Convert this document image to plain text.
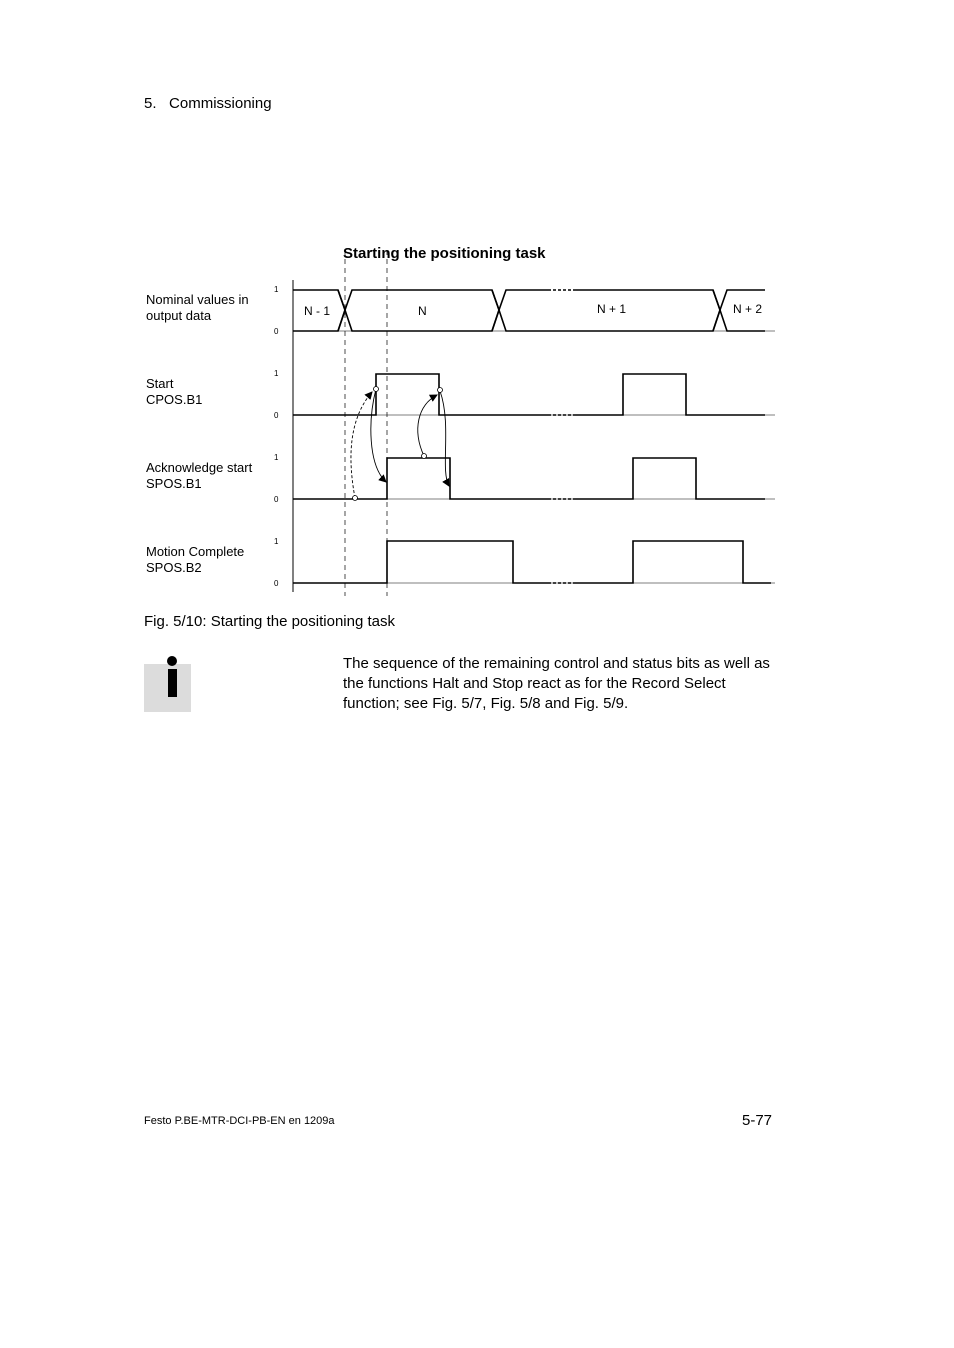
5. Commissioning
Starting the positioning task
Nominal values in
output data
Start
CPOS.B1
Acknowledge start
SPOS.B1
Motion Complete
SPOS.B2
1
0
1
0
1
0
1
0
N - 1	N	N + 1	N + 2
Fig. 5/10: Starting the positioning task
The sequence of the remaining control and status bits as well as the functions Halt and Stop react as for the Record Select function; see Fig. 5/7, Fig. 5/8 and Fig. 5/9.
Festo P.BE-MTR-DCI-PB-EN en 1209a	5-77
